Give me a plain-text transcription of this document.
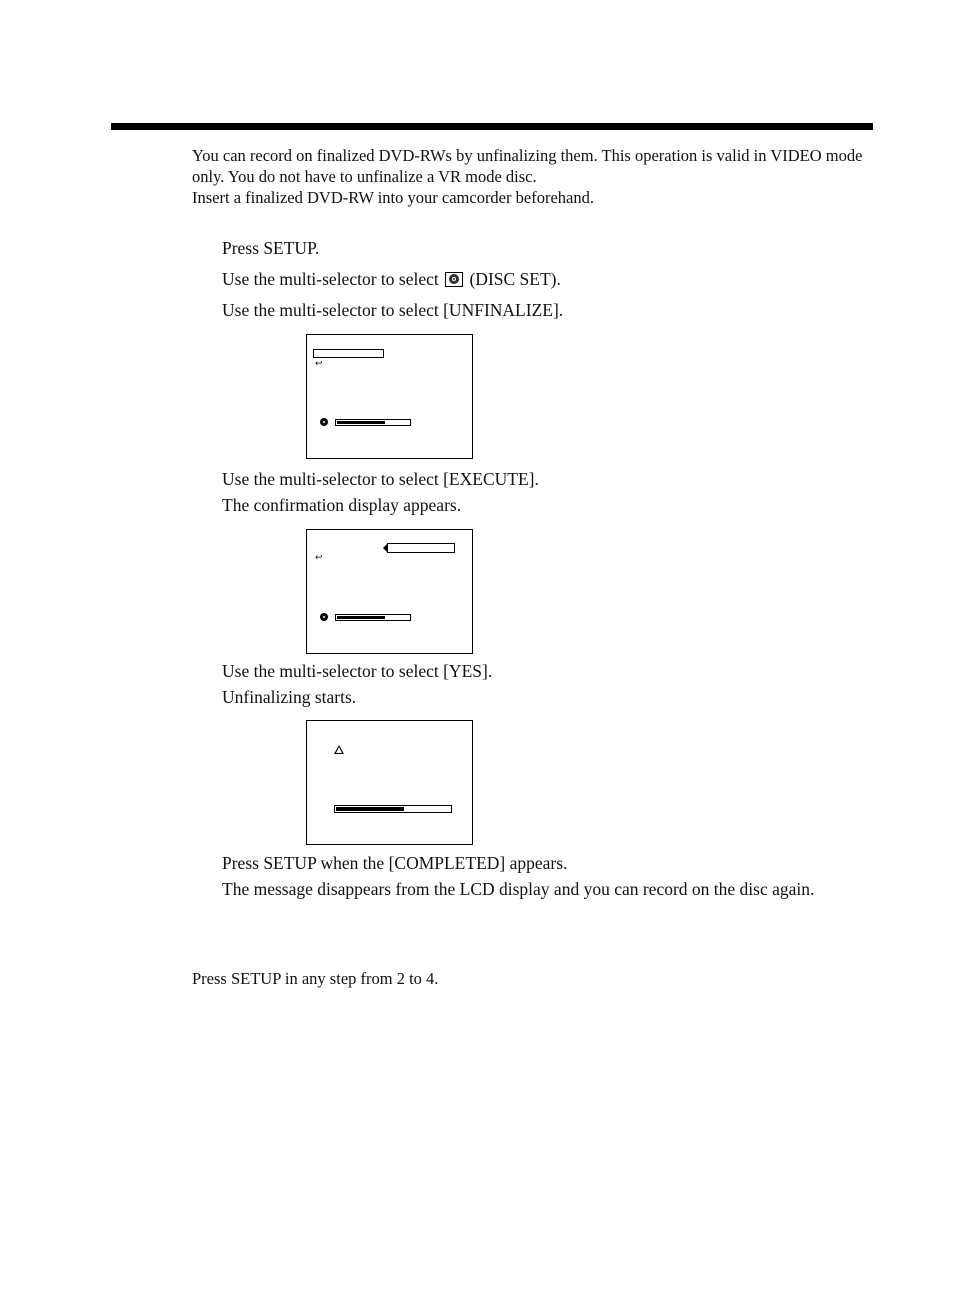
You can record on finalized DVD-RWs by unfinalizing them. This operation is valid in VIDEO mode only. You do not have to unfinalize a VR mode disc.

Insert a finalized DVD-RW into your camcorder beforehand.

Press SETUP.
Use the multi-selector to select (DISC SET).
Use the multi-selector to select [UNFINALIZE].
↩
Use the multi-selector to select [EXECUTE].
The confirmation display appears.
↩
Use the multi-selector to select [YES].
Unfinalizing starts.
Press SETUP when the [COMPLETED] appears.
The message disappears from the LCD display and you can record on the disc again.
Press SETUP in any step from 2 to 4.
